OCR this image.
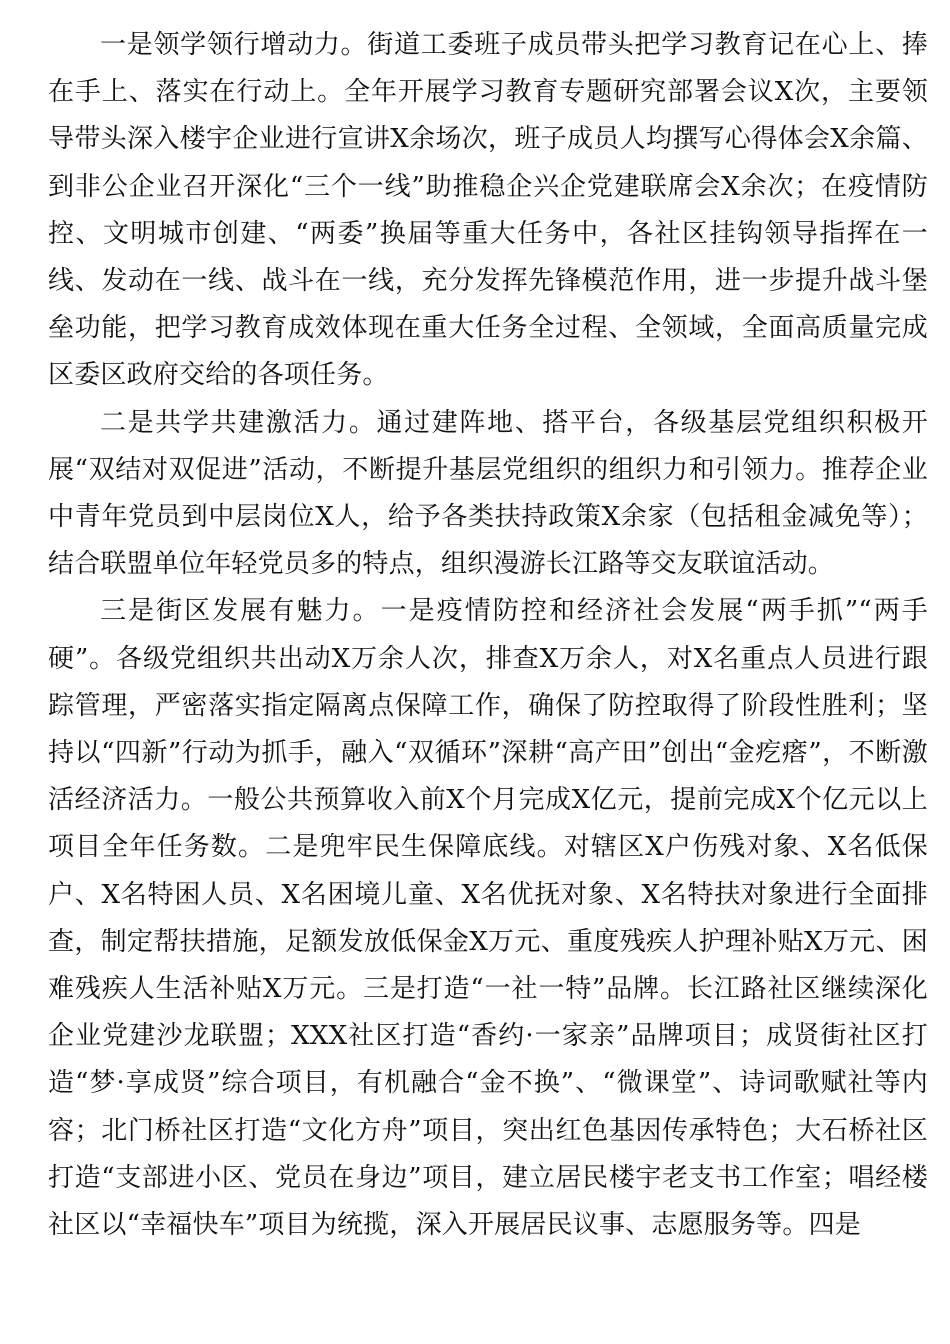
一是领学领行增动力。街道工委班子成员带头把学习教育记在心上、捧在手上、落实在行动上。全年开展学习教育专题研究部署会议X次，主要领导带头深入楼宇企业进行宣讲X余场次，班子成员人均撰写心得体会X余篇、到非公企业召开深化“三个一线”助推稳企兴企党建联席会X余次；在疫情防控、文明城市创建、“两委”换届等重大任务中，各社区挂钩领导指挥在一线、发动在一线、战斗在一线，充分发挥先锋模范作用，进一步提升战斗堡垒功能，把学习教育成效体现在重大任务全过程、全领域，全面高质量完成区委区政府交给的各项任务。

二是共学共建激活力。通过建阵地、搭平台，各级基层党组织积极开展“双结对双促进”活动，不断提升基层党组织的组织力和引领力。推荐企业中青年党员到中层岗位X人，给予各类扶持政策X余家（包括租金减免等）；结合联盟单位年轻党员多的特点，组织漫游长江路等交友联谊活动。

三是街区发展有魅力。一是疫情防控和经济社会发展“两手抓”“两手硬”。各级党组织共出动X万余人次，排查X万余人，对X名重点人员进行跟踪管理，严密落实指定隔离点保障工作，确保了防控取得了阶段性胜利；坚持以“四新”行动为抓手，融入“双循环”深耕“高产田”创出“金疙瘩”，不断激活经济活力。一般公共预算收入前X个月完成X亿元，提前完成X个亿元以上项目全年任务数。二是兜牢民生保障底线。对辖区X户伤残对象、X名低保户、X名特困人员、X名困境儿童、X名优抚对象、X名特扶对象进行全面排查，制定帮扶措施，足额发放低保金X万元、重度残疾人护理补贴X万元、困难残疾人生活补贴X万元。三是打造“一社一特”品牌。长江路社区继续深化企业党建沙龙联盟；XXX社区打造“香约·一家亲”品牌项目；成贤街社区打造“梦·享成贤”综合项目，有机融合“金不换”、“微课堂”、诗词歌赋社等内容；北门桥社区打造“文化方舟”项目，突出红色基因传承特色；大石桥社区打造“支部进小区、党员在身边”项目，建立居民楼宇老支书工作室；唱经楼社区以“幸福快车”项目为统揽，深入开展居民议事、志愿服务等。四是
